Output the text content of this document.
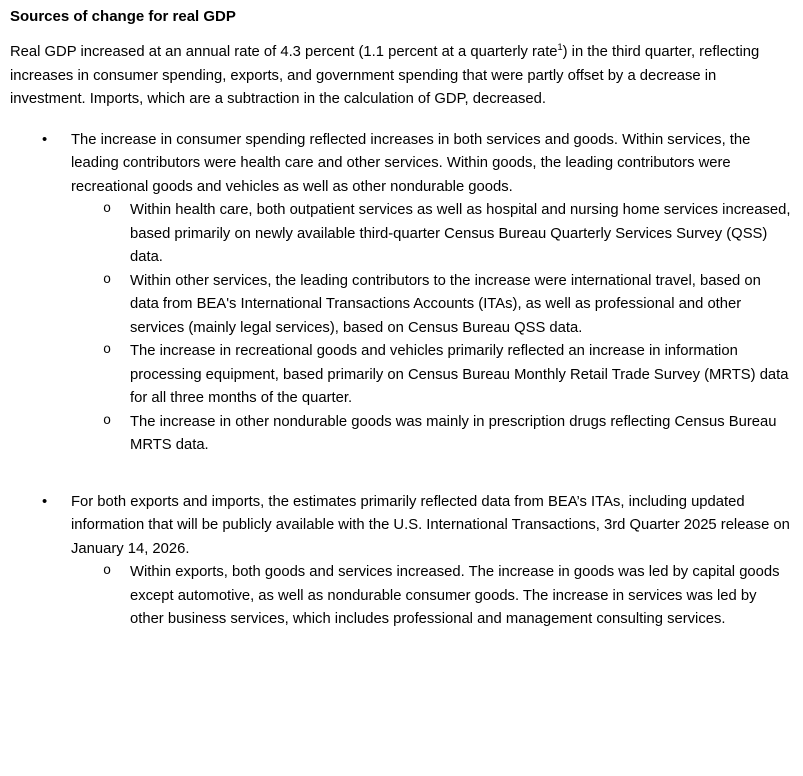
Sources of change for real GDP

Real GDP increased at an annual rate of 4.3 percent (1.1 percent at a quarterly rate$^1$) in the third quarter, reflecting increases in consumer spending, exports, and government spending that were partly offset by a decrease in investment. Imports, which are a subtraction in the calculation of GDP, decreased.

• The increase in consumer spending reflected increases in both services and goods. Within services, the leading contributors were health care and other services. Within goods, the leading contributors were recreational goods and vehicles as well as other nondurable goods.
o Within health care, both outpatient services as well as hospital and nursing home services increased, based primarily on newly available third-quarter Census Bureau Quarterly Services Survey (QSS) data.
o Within other services, the leading contributors to the increase were international travel, based on data from BEA's International Transactions Accounts (ITAs), as well as professional and other services (mainly legal services), based on Census Bureau QSS data.
o The increase in recreational goods and vehicles primarily reflected an increase in information processing equipment, based primarily on Census Bureau Monthly Retail Trade Survey (MRTS) data for all three months of the quarter.
o The increase in other nondurable goods was mainly in prescription drugs reflecting Census Bureau MRTS data.
• For both exports and imports, the estimates primarily reflected data from BEA’s ITAs, including updated information that will be publicly available with the U.S. International Transactions, 3rd Quarter 2025 release on January 14, 2026.
o Within exports, both goods and services increased. The increase in goods was led by capital goods except automotive, as well as nondurable consumer goods. The increase in services was led by other business services, which includes professional and management consulting services.
